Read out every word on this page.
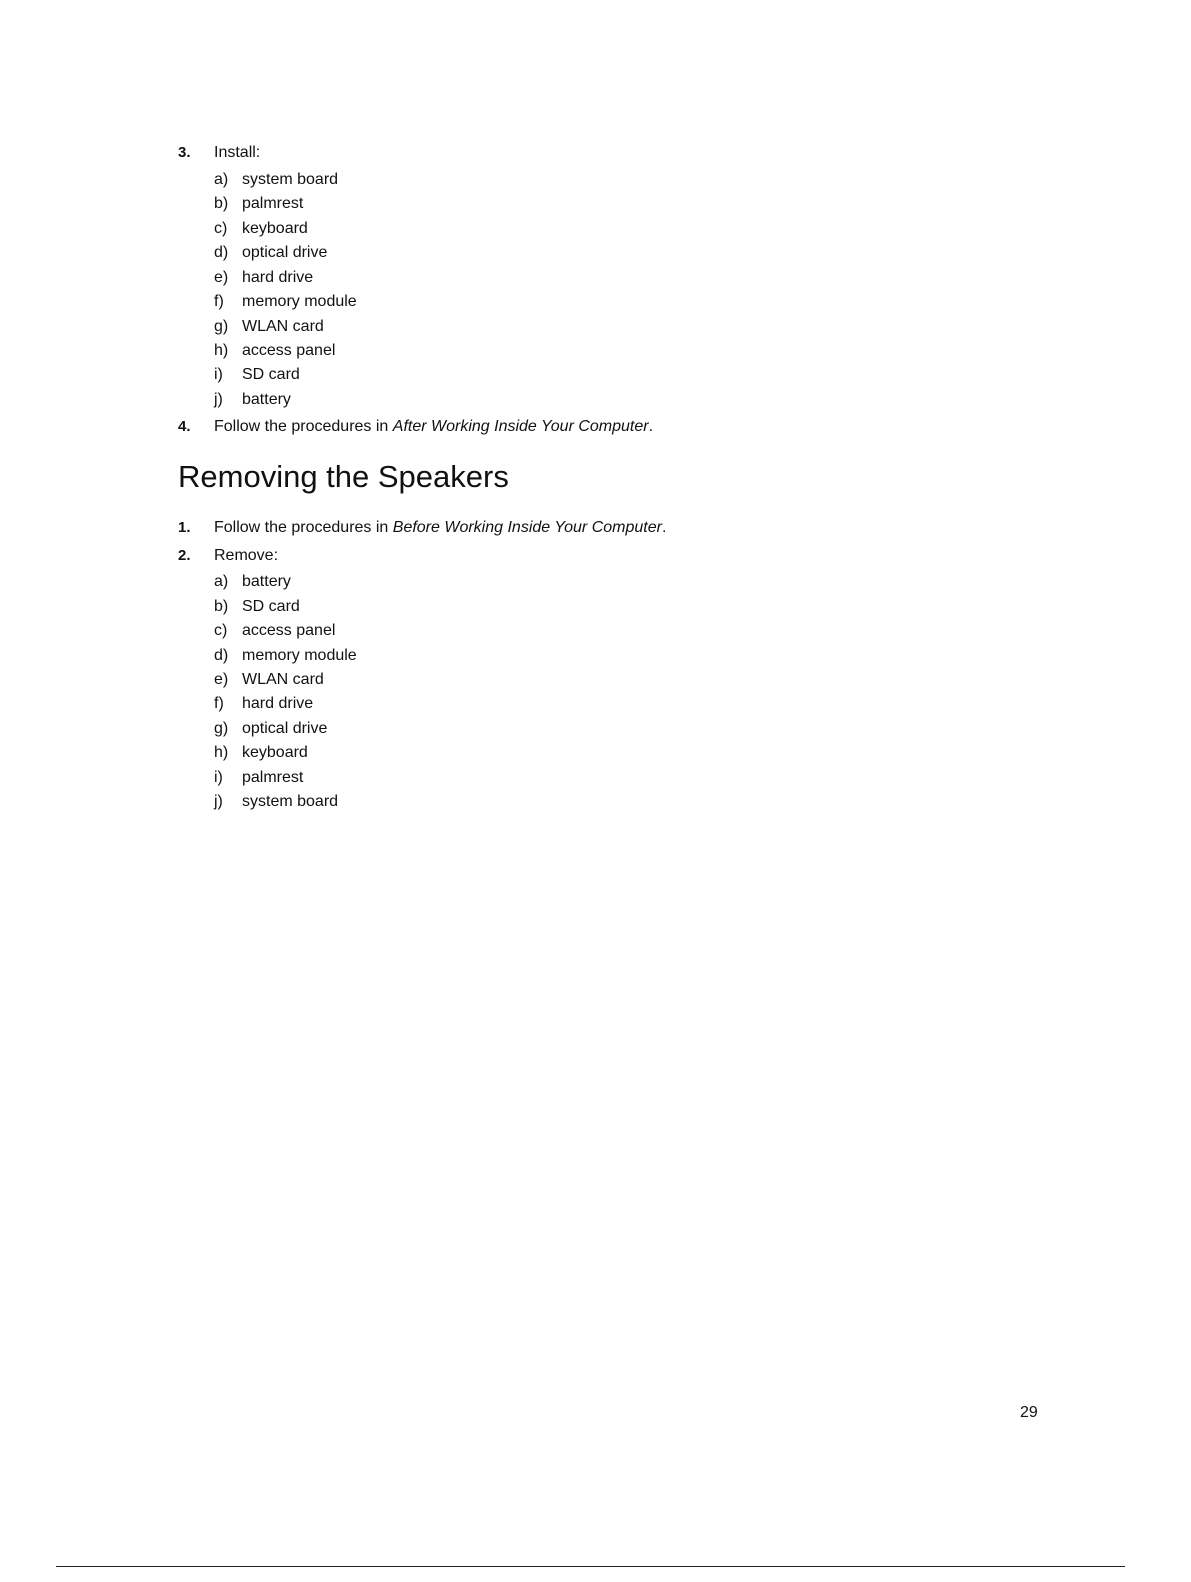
3. Install:
a) system board
b) palmrest
c) keyboard
d) optical drive
e) hard drive
f) memory module
g) WLAN card
h) access panel
i) SD card
j) battery
4. Follow the procedures in After Working Inside Your Computer.
Removing the Speakers
1. Follow the procedures in Before Working Inside Your Computer.
2. Remove:
a) battery
b) SD card
c) access panel
d) memory module
e) WLAN card
f) hard drive
g) optical drive
h) keyboard
i) palmrest
j) system board
29
